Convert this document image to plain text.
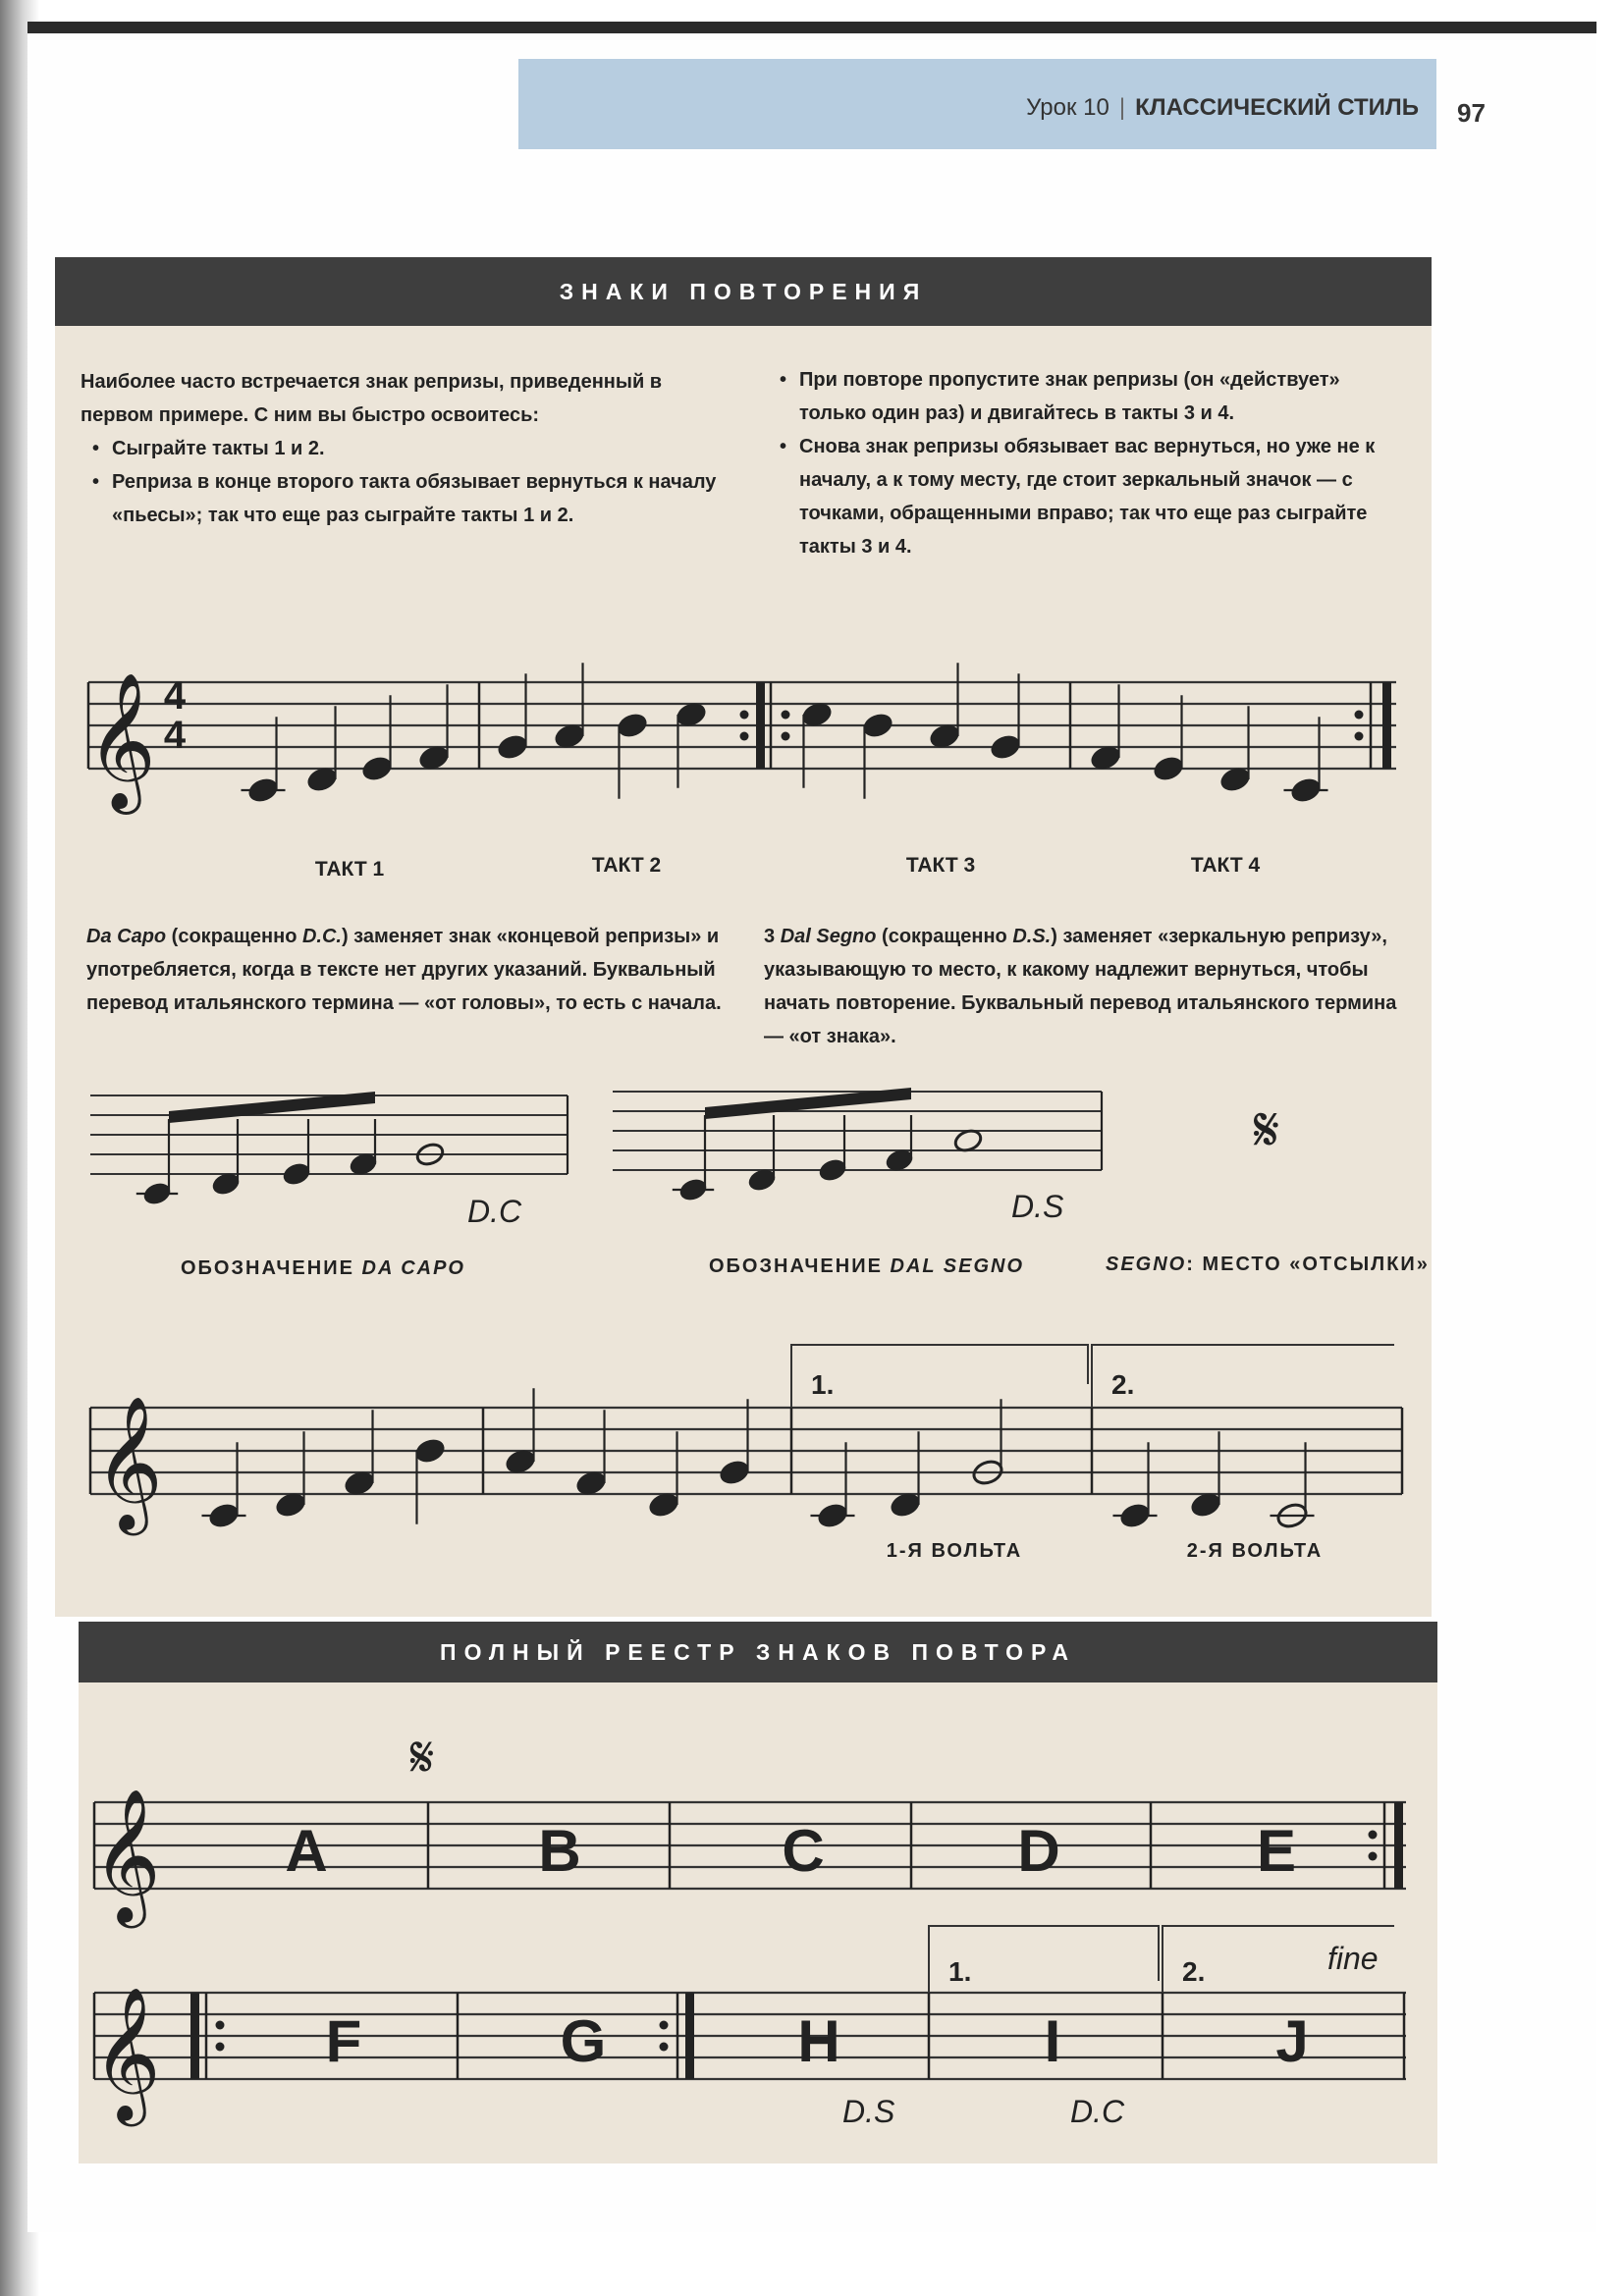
Урок 10 | КЛАССИЧЕСКИЙ СТИЛЬ 97
ЗНАКИ ПОВТОРЕНИЯ

Наиболее часто встречается знак репризы, приведенный в первом примере. С ним вы быстро освоитесь:

• Сыграйте такты 1 и 2.

• Реприза в конце второго такта обязывает вернуться к началу «пьесы»; так что еще раз сыграйте такты 1 и 2.

• При повторе пропустите знак репризы (он «действует» только один раз) и двигайтесь в такты 3 и 4.

• Снова знак репризы обязывает вас вернуться, но уже не к началу, а к тому месту, где стоит зеркальный значок — с точками, обращенными вправо; так что еще раз сыграйте такты 3 и 4.

𝄞 4
4
ТАКТ 1	ТАКТ 2	ТАКТ 3	ТАКТ 4
Da Capo (сокращенно D.C.) заменяет знак «концевой репризы» и употребляется, когда в тексте нет других указаний. Буквальный перевод итальянского термина — «от головы», то есть с начала.
3 Dal Segno (сокращенно D.S.) заменяет «зеркальную репризу», указывающую то место, к какому надлежит вернуться, чтобы начать повторение. Буквальный перевод итальянского термина — «от знака».
D.C	D.S
𝄋
ОБОЗНАЧЕНИЕ DA CAPO	ОБОЗНАЧЕНИЕ DAL SEGNO	SEGNO: МЕСТО «ОТСЫЛКИ»
𝄞
1.	2.
1-Я ВОЛЬТА	2-Я ВОЛЬТА
ПОЛНЫЙ РЕЕСТР ЗНАКОВ ПОВТОРА
𝄞
𝄞
𝄋
A	B	C	D	E
F	G	H	I	J
1.	2.	fine
D.S	D.C
